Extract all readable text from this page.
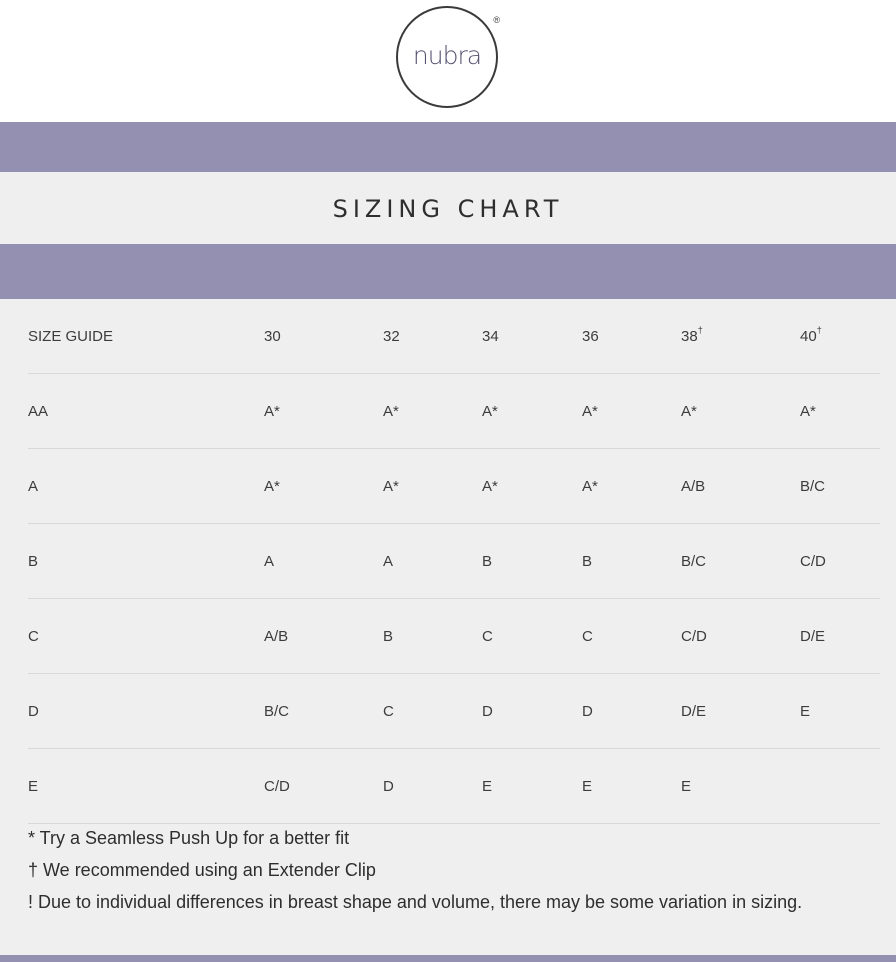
nubra
®
SIZING CHART
SIZE GUIDE	30	32	34	36	38†	40†
AA	A*	A*	A*	A*	A*	A*
A	A*	A*	A*	A*	A/B	B/C
B	A	A	B	B	B/C	C/D
C	A/B	B	C	C	C/D	D/E
D	B/C	C	D	D	D/E	E
E	C/D	D	E	E	E	

* Try a Seamless Push Up for a better fit

† We recommended using an Extender Clip

! Due to individual differences in breast shape and volume, there may be some variation in sizing.
